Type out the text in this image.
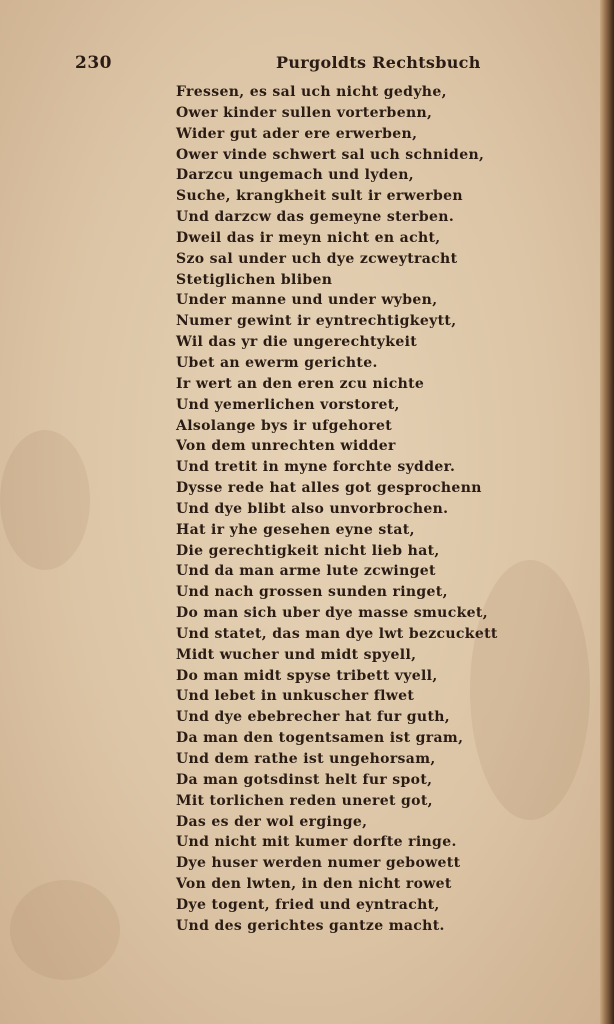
230	Purgoldts Rechtsbuch
Fressen, es sal uch nicht gedyhe,
Ower kinder sullen vorterbenn,
Wider gut ader ere erwerben,
Ower vinde schwert sal uch schniden,
Darzcu ungemach und lyden,
Suche, krangkheit sult ir erwerben
Und darzcw das gemeyne sterben.
Dweil das ir meyn nicht en acht,
Szo sal under uch dye zcweytracht
Stetiglichen bliben
Under manne und under wyben,
Numer gewint ir eyntrechtigkeytt,
Wil das yr die ungerechtykeit
Ubet an ewerm gerichte.
Ir wert an den eren zcu nichte
Und yemerlichen vorstoret,
Alsolange bys ir ufgehoret
Von dem unrechten widder
Und tretit in myne forchte sydder.
Dysse rede hat alles got gesprochenn
Und dye blibt also unvorbrochen.
Hat ir yhe gesehen eyne stat,
Die gerechtigkeit nicht lieb hat,
Und da man arme lute zcwinget
Und nach grossen sunden ringet,
Do man sich uber dye masse smucket,
Und statet, das man dye lwt bezcuckett
Midt wucher und midt spyell,
Do man midt spyse tribett vyell,
Und lebet in unkuscher flwet
Und dye ebebrecher hat fur guth,
Da man den togentsamen ist gram,
Und dem rathe ist ungehorsam,
Da man gotsdinst helt fur spot,
Mit torlichen reden uneret got,
Das es der wol erginge,
Und nicht mit kumer dorfte ringe.
Dye huser werden numer gebowett
Von den lwten, in den nicht rowet
Dye togent, fried und eyntracht,
Und des gerichtes gantze macht.
